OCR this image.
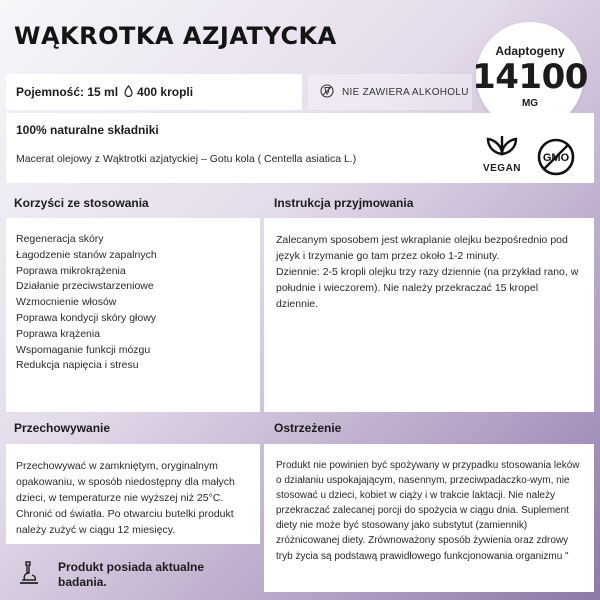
WĄKROTKA AZJATYCKA
Adaptogeny
14100
MG
Pojemność: 15 ml 400 kropli	NIE ZAWIERA ALKOHOLU
100% naturalne składniki
Macerat olejowy z Wąktrotki azjatyckiej – Gotu kola ( Centella asiatica L.)
VEGAN
GMO
Korzyści ze stosowania	Instrukcja przyjmowania
Regeneracja skóry
Łagodzenie stanów zapalnych
Poprawa mikrokrążenia
Działanie przeciwstarzeniowe
Wzmocnienie włosów
Poprawa kondycji skóry głowy
Poprawa krążenia
Wspomaganie funkcji mózgu
Redukcja napięcia i stresu

Zalecanym sposobem jest wkraplanie olejku bezpośrednio pod język i trzymanie go tam przez około 1-2 minuty.

Dziennie: 2-5 kropli olejku trzy razy dziennie (na przykład rano, w południe i wieczorem). Nie należy przekraczać 15 kropel dziennie.

Przechowywanie	Ostrzeżenie

Przechowywać w zamkniętym, oryginalnym opakowaniu, w sposób niedostępny dla małych dzieci, w temperaturze nie wyższej niż 25°C. Chronić od światła. Po otwarciu butelki produkt należy zużyć w ciągu 12 miesięcy.

Produkt nie powinien być spożywany w przypadku stosowania leków o działaniu uspokajającym, nasennym, przeciwpadaczko-wym, nie stosować u dzieci, kobiet w ciąży i w trakcie laktacji. Nie należy przekraczać zalecanej porcji do spożycia w ciągu dnia. Suplement diety nie może być stosowany jako substytut (zamiennik) zróżnicowanej diety. Zrównoważony sposób żywienia oraz zdrowy tryb życia są podstawą prawidłowego funkcjonowania organizmu "

Produkt posiada aktualne badania.
